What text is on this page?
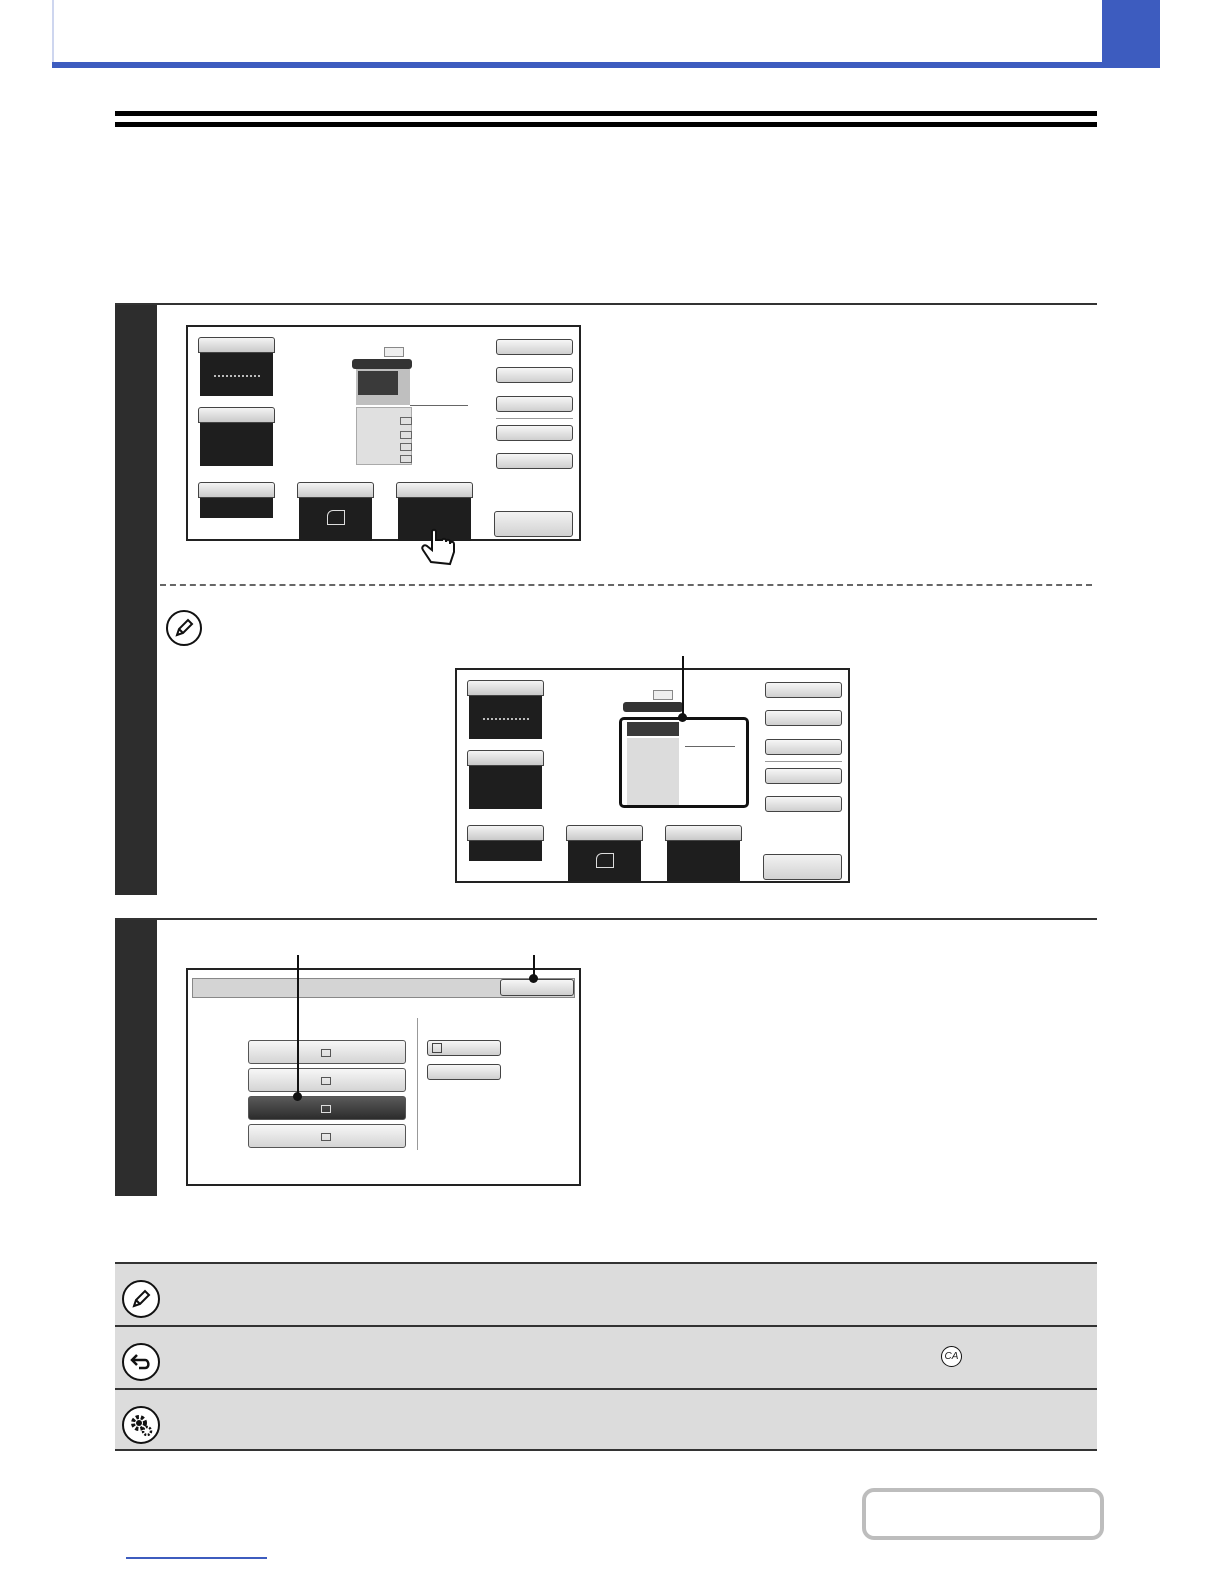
CA
